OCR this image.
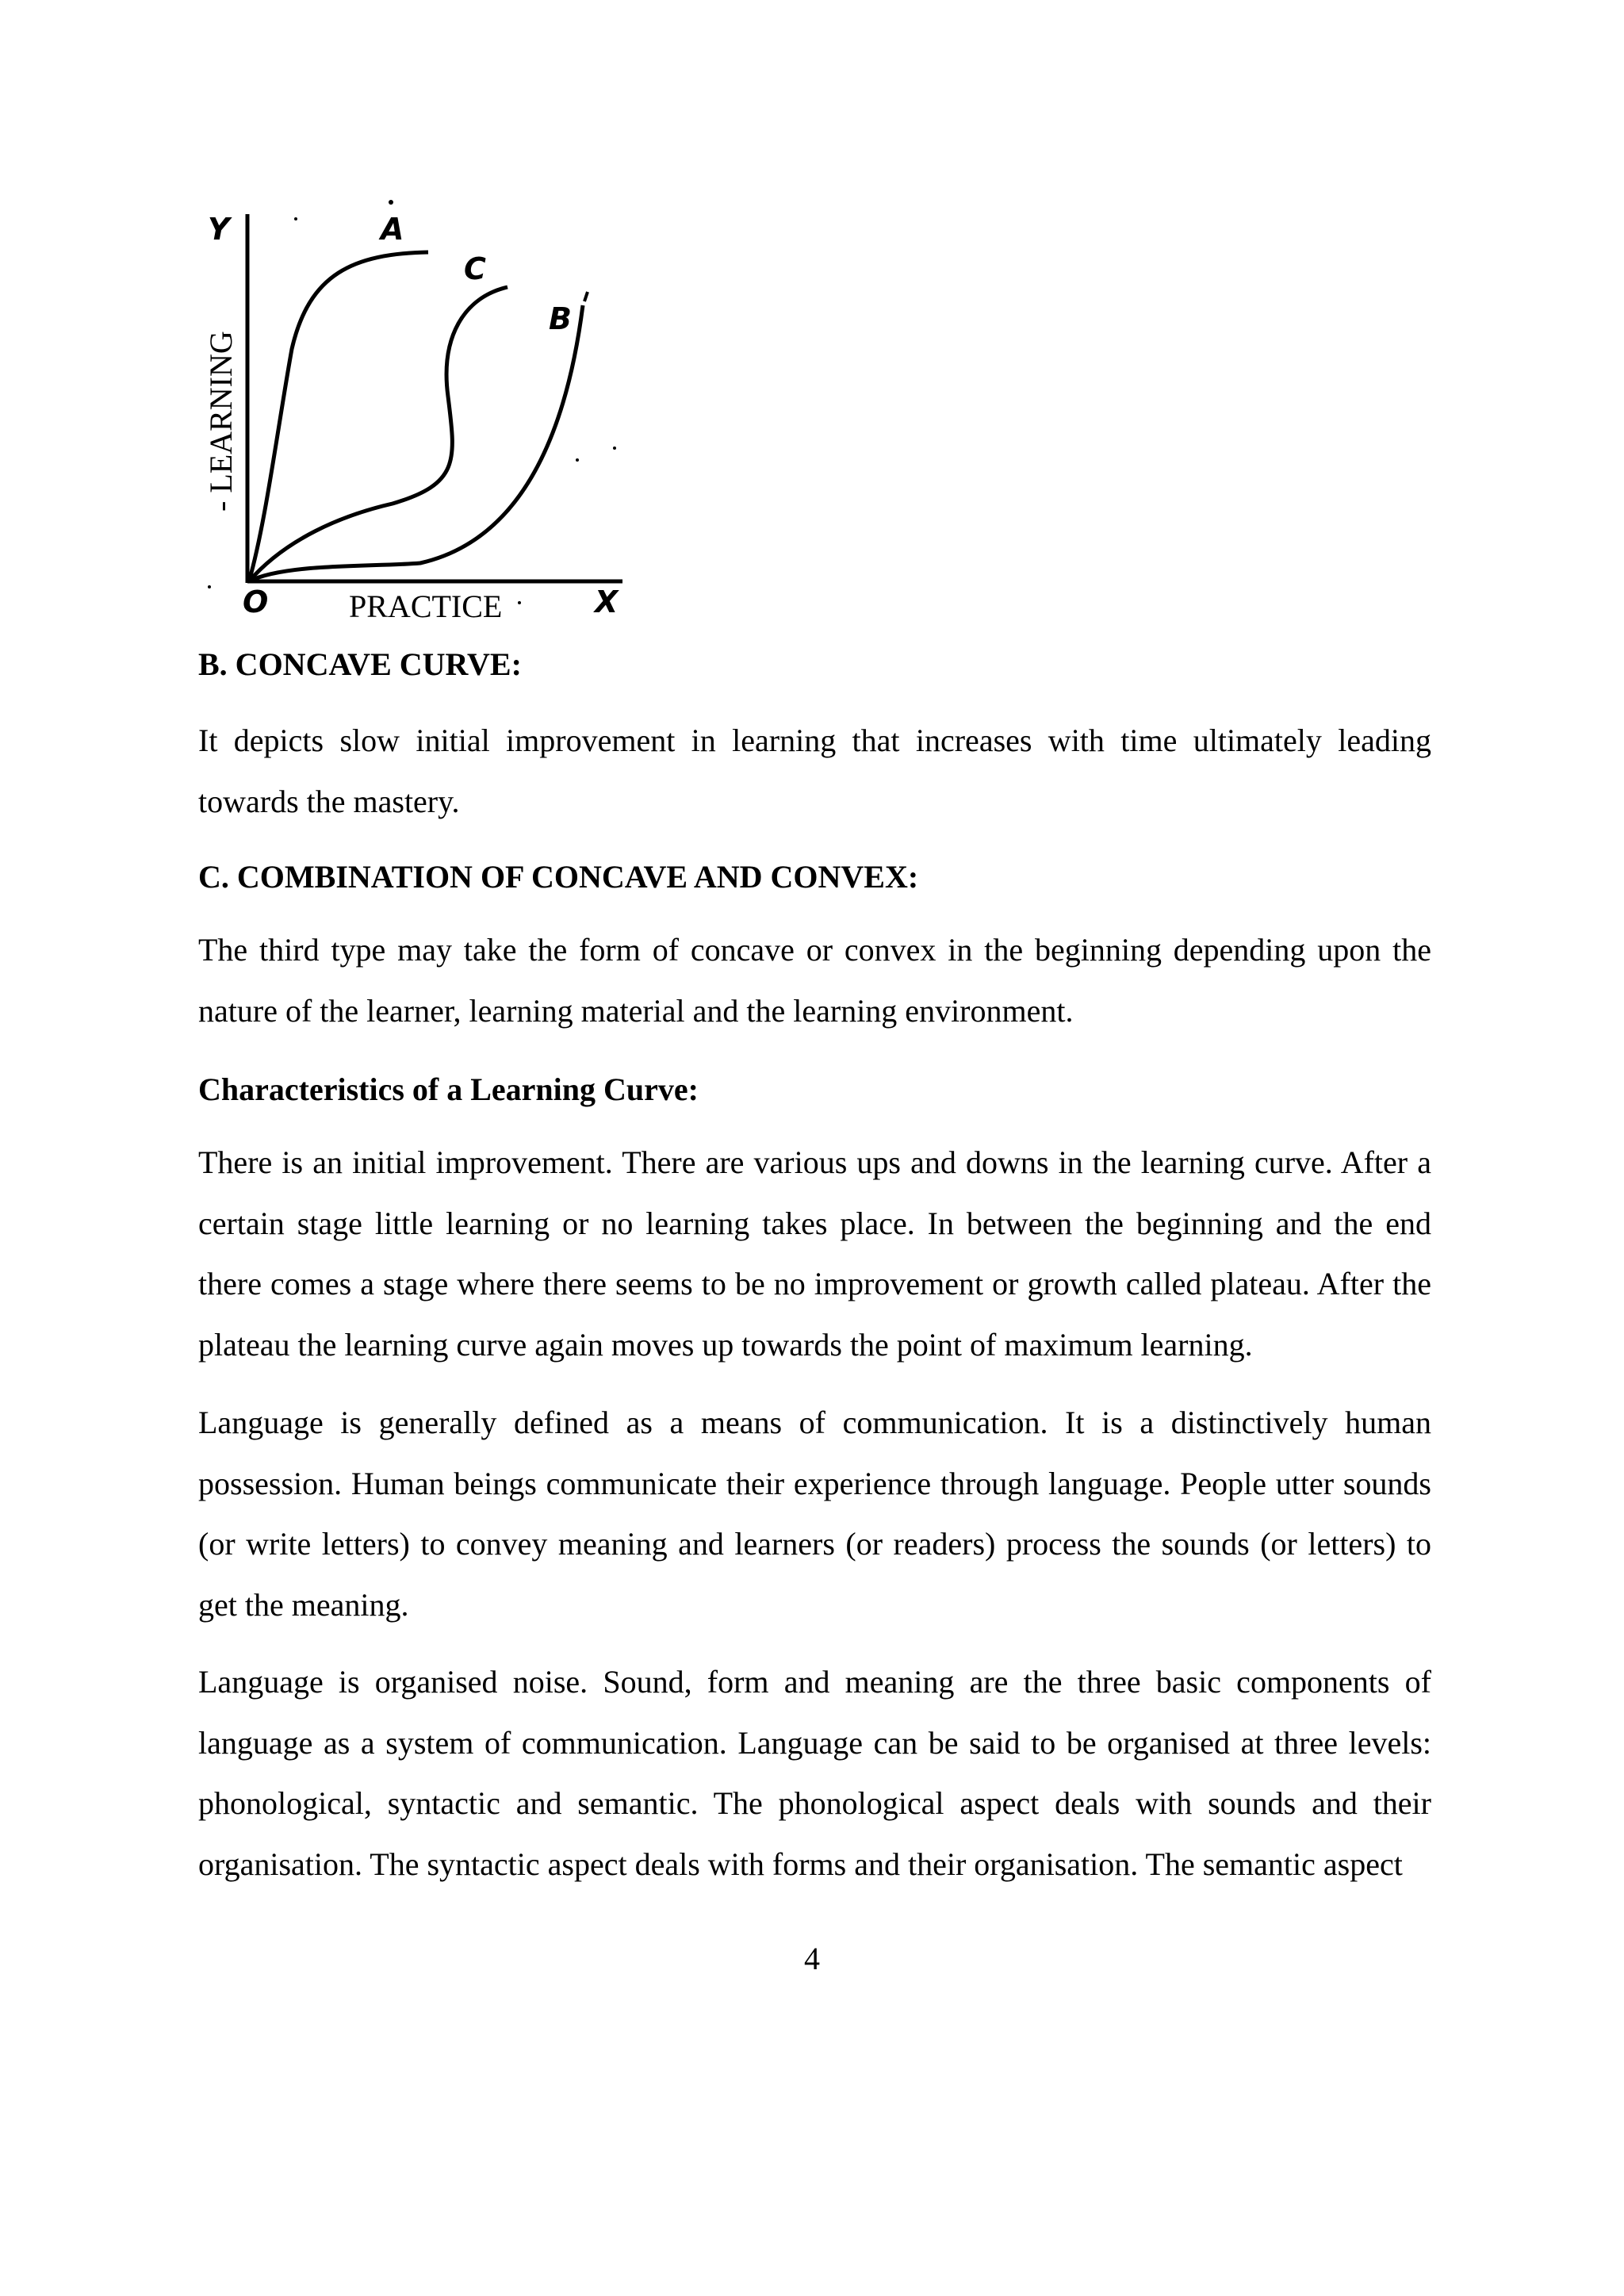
Y
X
O
A
C
B
- LEARNING
PRACTICE

B. CONCAVE CURVE:

It depicts slow initial improvement in learning that increases with time ultimately leading towards the mastery.

C. COMBINATION OF CONCAVE AND CONVEX:

The third type may take the form of concave or convex in the beginning depending upon the nature of the learner, learning material and the learning environment.

Characteristics of a Learning Curve:

There is an initial improvement. There are various ups and downs in the learning curve. After a certain stage little learning or no learning takes place. In between the beginning and the end there comes a stage where there seems to be no improvement or growth called plateau. After the plateau the learning curve again moves up towards the point of maximum learning.

Language is generally defined as a means of communication. It is a distinctively human possession. Human beings communicate their experience through language. People utter sounds (or write letters) to convey meaning and learners (or readers) process the sounds (or letters) to get the meaning.

Language is organised noise. Sound, form and meaning are the three basic components of language as a system of communication. Language can be said to be organised at three levels: phonological, syntactic and semantic. The phonological aspect deals with sounds and their organisation. The syntactic aspect deals with forms and their organisation. The semantic aspect

4
